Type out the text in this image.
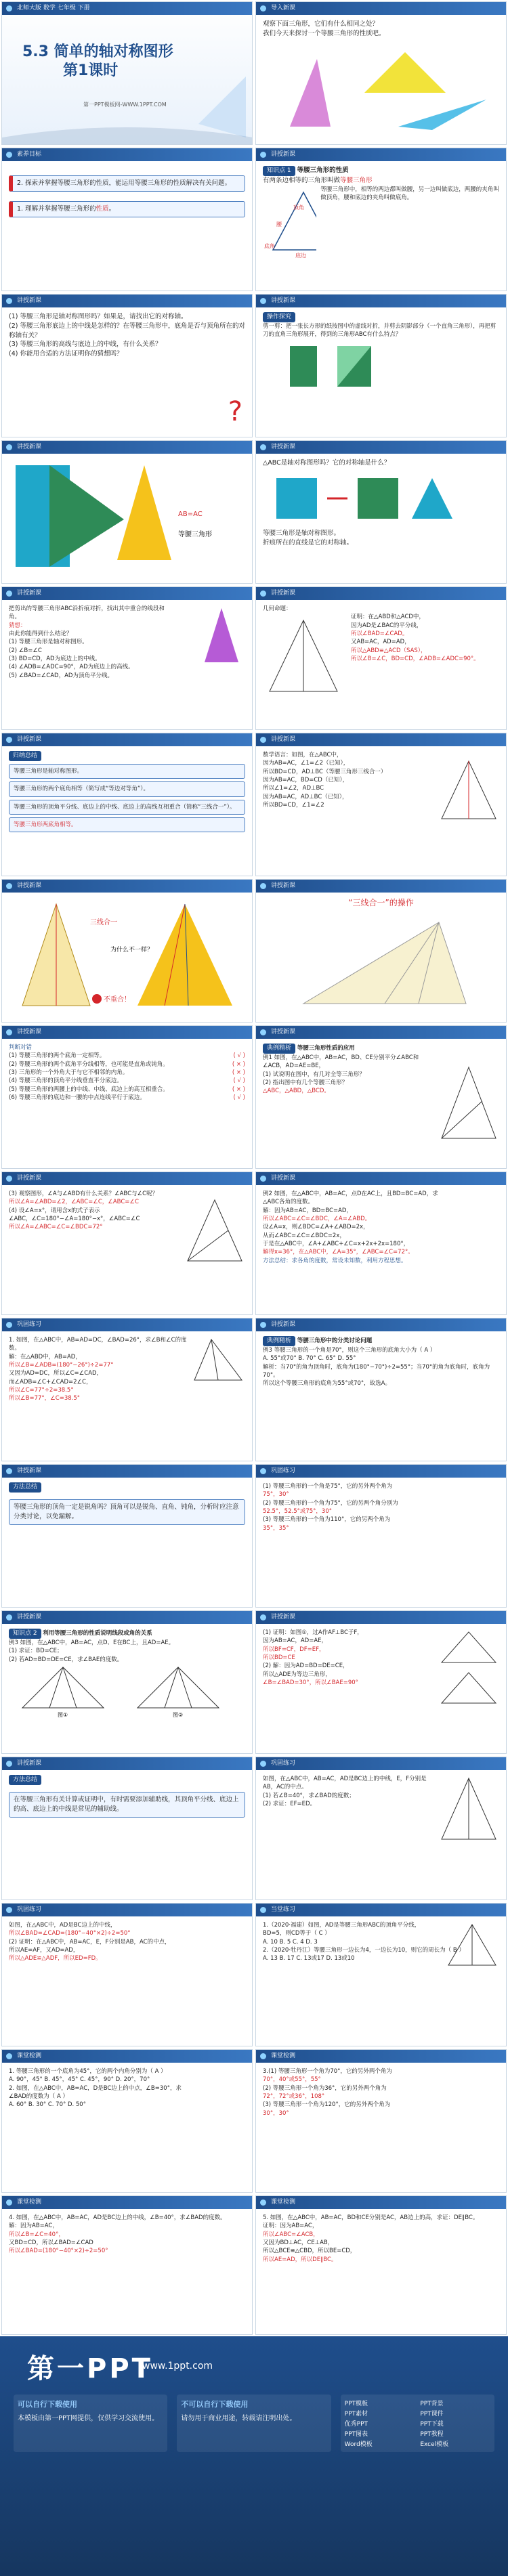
北师大版 数学 七年级 下册
5.3 简单的轴对称图形
第1课时
第一PPT模板网-WWW.1PPT.COM
导入新课
观察下面三角形，它们有什么相同之处？
我们今天来探讨一个等腰三角形的性质吧。
素养目标
2. 探索并掌握等腰三角形的性质，能运用等腰三角形的性质解决有关问题。
1. 理解并掌握等腰三角形的性质。
讲授新课
知识点 1 等腰三角形的性质
有两条边相等的三角形叫做等腰三角形
顶角
腰
底边
底角
等腰三角形中，相等的两边都叫做腰，另一边叫做底边，两腰的夹角叫做顶角，腰和底边的夹角叫做底角。
讲授新课
(1) 等腰三角形是轴对称图形吗？如果是，请找出它的对称轴。
(2) 等腰三角形底边上的中线是怎样的？在等腰三角形中，底角是否与顶角所在的对称轴有关？
(3) 等腰三角形的高线与底边上的中线，有什么关系？
(4) 你能用合适的方法证明你的猜想吗？
?
讲授新课
操作探究
剪一剪：把一张长方形的纸按图中的虚线对折，并剪去阴影部分（一个直角三角形），再把剪刀的直角三角形展开，得到的三角形ABC有什么特点？
讲授新课
AB=AC
等腰三角形
讲授新课
△ABC是轴对称图形吗？它的对称轴是什么？
等腰三角形是轴对称图形。
折痕所在的直线是它的对称轴。
讲授新课
把剪出的等腰三角形ABC沿折痕对折，找出其中重合的线段和角。
猜想：
由此你能得到什么结论？
(1) 等腰三角形是轴对称图形。
(2) ∠B=∠C
(3) BD=CD，AD为底边上的中线。
(4) ∠ADB=∠ADC=90°，AD为底边上的高线。
(5) ∠BAD=∠CAD，AD为顶角平分线。
讲授新课
几何命题：
证明：在△ABD和△ACD中，
因为AD是∠BAC的平分线，
所以∠BAD=∠CAD。
又AB=AC，AD=AD，
所以△ABD≌△ACD（SAS），
所以∠B=∠C，BD=CD，∠ADB=∠ADC=90°。
讲授新课
归纳总结
等腰三角形是轴对称图形。
等腰三角形的两个底角相等（简写成“等边对等角”）。
等腰三角形的顶角平分线、底边上的中线、底边上的高线互相重合（简称“三线合一”）。
等腰三角形两底角相等。
讲授新课
数学语言：如图，在△ABC中，
因为AB=AC，∠1=∠2（已知），
所以BD=CD，AD⊥BC（等腰三角形三线合一）
因为AB=AC，BD=CD（已知），
所以∠1=∠2，AD⊥BC
因为AB=AC，AD⊥BC（已知），
所以BD=CD，∠1=∠2
讲授新课
三线合一
为什么不一样？
不重合！
讲授新课
“三线合一”的操作
讲授新课
判断对错
(1) 等腰三角形的两个底角一定相等。	( √ )
(2) 等腰三角形的两个底角平分线相等，也可能是直角或钝角。	( × )
(3) 三角形的一个外角大于与它不相邻的内角。	( × )
(4) 等腰三角形的顶角平分线垂直平分底边。	( √ )
(5) 等腰三角形的两腰上的中线、中线、底边上的高互相重合。	( × )
(6) 等腰三角形的底边和一腰的中点连线平行于底边。	( √ )
讲授新课
典例精析 等腰三角形性质的应用
例1 如图，在△ABC中，AB=AC，BD、CE分别平分∠ABC和∠ACB，AD=AE=BE，
(1) 试说明在图中，有几对全等三角形？
(2) 指出图中有几个等腰三角形？
△ABC，△ABD，△BCD。
讲授新课
(3) 观察图形，∠A与∠ABD有什么关系？∠ABC与∠C呢？
所以∠A=∠ABD=∠2，∠ABC=∠C，∠ABC=∠C
(4) 设∠A=x°，请用含x的式子表示
∠ABC，∠C=180°−∠A=180°−x°，∠ABC=∠C
所以∠A=∠ABC=∠C=∠BDC=72°
讲授新课
例2 如图，在△ABC中，AB=AC，点D在AC上，且BD=BC=AD，求△ABC各角的度数。
解：因为AB=AC，BD=BC=AD，
所以∠ABC=∠C=∠BDC，∠A=∠ABD。
设∠A=x，则∠BDC=∠A+∠ABD=2x，
从而∠ABC=∠C=∠BDC=2x，
于是在△ABC中，∠A+∠ABC+∠C=x+2x+2x=180°，
解得x=36°，在△ABC中，∠A=35°，∠ABC=∠C=72°。
方法总结：求各角的度数，常设未知数，利用方程思想。
巩固练习
1. 如图，在△ABC中，AB=AD=DC，∠BAD=26°，求∠B和∠C的度数。
解：在△ABD中，AB=AD，
所以∠B=∠ADB=(180°−26°)÷2=77°
又因为AD=DC，所以∠C=∠CAD，
而∠ADB=∠C+∠CAD=2∠C，
所以∠C=77°÷2=38.5°
所以∠B=77°，∠C=38.5°
讲授新课
典例精析 等腰三角形中的分类讨论问题
例3 等腰三角形的一个角是70°，则这个三角形的底角大小为（ A ）
A. 55°或70° B. 70° C. 65° D. 55°
解析：当70°的角为顶角时，底角为(180°−70°)÷2=55°；当70°的角为底角时，底角为70°。
所以这个等腰三角形的底角为55°或70°，故选A。
讲授新课
方法总结
等腰三角形的顶角一定是锐角吗？顶角可以是锐角、直角、钝角，分析时应注意分类讨论，以免漏解。
巩固练习
(1) 等腰三角形的一个角是75°，它的另外两个角为
75°，30°
(2) 等腰三角形的一个角为75°，它的另两个角分别为
52.5°，52.5°或75°，30°
(3) 等腰三角形的一个角为110°，它的另两个角为
35°，35°
讲授新课
知识点 2 利用等腰三角形的性质说明线段或角的关系
例3 如图，在△ABC中，AB=AC，点D、E在BC上，且AD=AE。
(1) 求证：BD=CE；
(2) 若AD=BD=DE=CE，求∠BAE的度数。
图①	图②
讲授新课
(1) 证明：如图①，过A作AF⊥BC于F，
因为AB=AC，AD=AE，
所以BF=CF，DF=EF，
所以BD=CE
(2) 解：因为AD=BD=DE=CE，
所以△ADE为等边三角形，
∠B=∠BAD=30°，所以∠BAE=90°
讲授新课
方法总结
在等腰三角形有关计算或证明中，有时需要添加辅助线，其顶角平分线、底边上的高、底边上的中线是常见的辅助线。
巩固练习
如图，在△ABC中，AB=AC，AD是BC边上的中线，E，F分别是AB，AC的中点。
(1) 若∠B=40°，求∠BAD的度数；
(2) 求证：EF=ED。
巩固练习
如图，在△ABC中，AD是BC边上的中线，
所以∠BAD=∠CAD=(180°−40°×2)÷2=50°
(2) 证明：在△ABC中，AB=AC，E，F分别是AB，AC的中点，
所以AE=AF，又AD=AD，
所以△ADE≌△ADF，所以ED=FD。
当堂练习
1.（2020·福建）如图，AD是等腰三角形ABC的顶角平分线，BD=5，则CD等于（ C ）
A. 10 B. 5 C. 4 D. 3
2.（2020·牡丹江）等腰三角形一边长为4，一边长为10，则它的周长为（ B ）
A. 13 B. 17 C. 13或17 D. 13或10
课堂检测
1. 等腰三角形的一个底角为45°，它的两个内角分别为（ A ）
A. 90°，45° B. 45°，45° C. 45°，90° D. 20°，70°
2. 如图，在△ABC中，AB=AC，D是BC边上的中点，∠B=30°，求∠BAD的度数为（ A ）
A. 60° B. 30° C. 70° D. 50°
课堂检测
3.(1) 等腰三角形一个角为70°，它的另外两个角为
70°，40°或55°，55°
(2) 等腰三角形一个角为36°，它的另外两个角为
72°，72°或36°，108°
(3) 等腰三角形一个角为120°，它的另外两个角为
30°，30°
课堂检测
4. 如图，在△ABC中，AB=AC，AD是BC边上的中线，∠B=40°，求∠BAD的度数。
解：因为AB=AC，
所以∠B=∠C=40°，
又BD=CD，所以∠BAD=∠CAD
所以∠BAD=(180°−40°×2)÷2=50°
课堂检测
5. 如图，在△ABC中，AB=AC，BD和CE分别是AC，AB边上的高，求证：DE∥BC。
证明：因为AB=AC，
所以∠ABC=∠ACB，
又因为BD⊥AC，CE⊥AB，
所以△BCE≌△CBD，所以BE=CD，
所以AE=AD，所以DE∥BC。
第一PPT
www.1ppt.com
可以自行下载使用
本模板由第一PPT网提供，仅供学习交流使用。
不可以自行下载使用
请勿用于商业用途，转载请注明出处。
PPT模板	PPT背景
PPT素材	PPT课件
优秀PPT	PPT下载
PPT图表	PPT教程
Word模板	Excel模板
